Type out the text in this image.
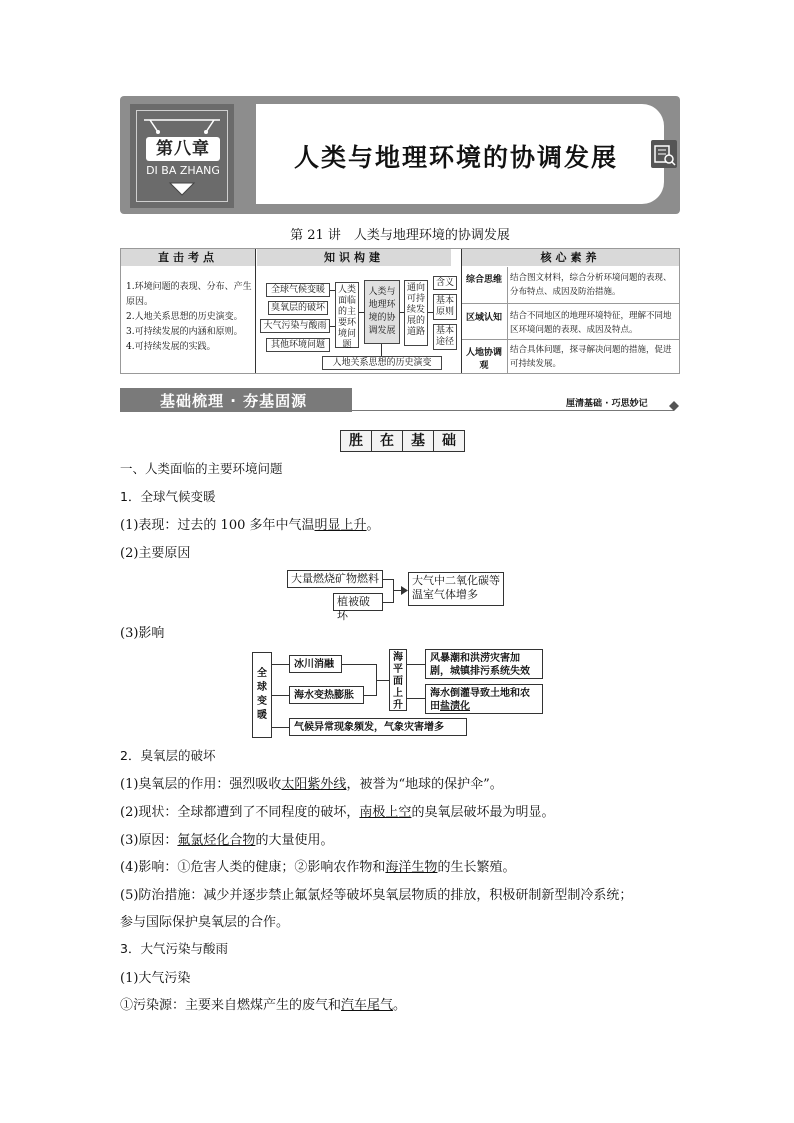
第八章
DI BA ZHANG	人类与地理环境的协调发展
第 21 讲　人类与地理环境的协调发展
直击考点	知识构建	核心素养
1.环境问题的表现、分布、产生原因。
2.人地关系思想的历史演变。
3.可持续发展的内涵和原则。
4.可持续发展的实践。
全球气候变暖
臭氧层的破坏
大气污染与酸雨
其他环境问题
人类面临的主要环境问题
人类与地理环境的协调发展
通向可持续发展的道路
含义
基本原则
基本途径
人地关系思想的历史演变
综合思维 结合图文材料，综合分析环境问题的表现、分布特点、成因及防治措施。
区域认知 结合不同地区的地理环境特征，理解不同地区环境问题的表现、成因及特点。
人地协调观
结合具体问题，探寻解决问题的措施，促进可持续发展。
基础梳理 · 夯基固源	厘清基础 · 巧思妙记
胜	在	基	础
一、人类面临的主要环境问题
1．全球气候变暖
(1)表现：过去的 100 多年中气温明显上升。
(2)主要原因
大量燃烧矿物燃料
植被破坏
大气中二氧化碳等温室气体增多
(3)影响
全球变暖
冰川消融
海水变热膨胀
海平面上升
风暴潮和洪涝灾害加剧，城镇排污系统失效
海水倒灌导致土地和农田盐渍化
气候异常现象频发，气象灾害增多
2．臭氧层的破坏
(1)臭氧层的作用：强烈吸收太阳紫外线，被誉为“地球的保护伞”。
(2)现状：全球都遭到了不同程度的破坏，南极上空的臭氧层破坏最为明显。
(3)原因：氟氯烃化合物的大量使用。
(4)影响：①危害人类的健康；②影响农作物和海洋生物的生长繁殖。
(5)防治措施：减少并逐步禁止氟氯烃等破坏臭氧层物质的排放，积极研制新型制冷系统；
参与国际保护臭氧层的合作。
3．大气污染与酸雨
(1)大气污染
①污染源：主要来自燃煤产生的废气和汽车尾气。
